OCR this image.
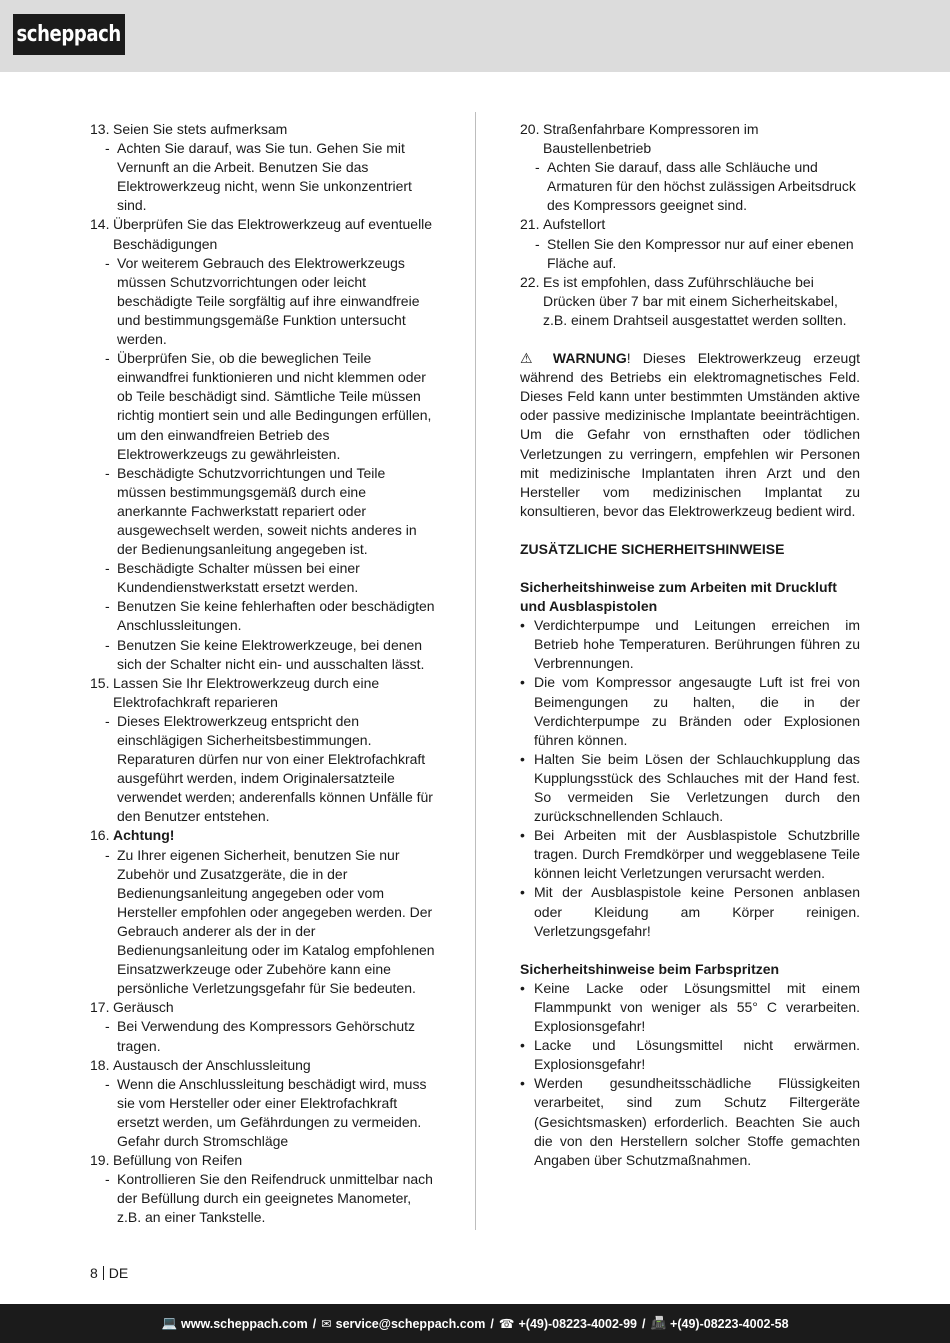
scheppach
13. Seien Sie stets aufmerksam
- Achten Sie darauf, was Sie tun. Gehen Sie mit Vernunft an die Arbeit. Benutzen Sie das Elektrowerkzeug nicht, wenn Sie unkonzentriert sind.
14. Überprüfen Sie das Elektrowerkzeug auf eventuelle Beschädigungen
- Vor weiterem Gebrauch des Elektrowerkzeugs müssen Schutzvorrichtungen oder leicht beschädigte Teile sorgfältig auf ihre einwandfreie und bestimmungsgemäße Funktion untersucht werden.
- Überprüfen Sie, ob die beweglichen Teile einwandfrei funktionieren und nicht klemmen oder ob Teile beschädigt sind. Sämtliche Teile müssen richtig montiert sein und alle Bedingungen erfüllen, um den einwandfreien Betrieb des Elektrowerkzeugs zu gewährleisten.
- Beschädigte Schutzvorrichtungen und Teile müssen bestimmungsgemäß durch eine anerkannte Fachwerkstatt repariert oder ausgewechselt werden, soweit nichts anderes in der Bedienungsanleitung angegeben ist.
- Beschädigte Schalter müssen bei einer Kundendienstwerkstatt ersetzt werden.
- Benutzen Sie keine fehlerhaften oder beschädigten Anschlussleitungen.
- Benutzen Sie keine Elektrowerkzeuge, bei denen sich der Schalter nicht ein- und ausschalten lässt.
15. Lassen Sie Ihr Elektrowerkzeug durch eine Elektrofachkraft reparieren
- Dieses Elektrowerkzeug entspricht den einschlägigen Sicherheitsbestimmungen. Reparaturen dürfen nur von einer Elektrofachkraft ausgeführt werden, indem Originalersatzteile verwendet werden; anderenfalls können Unfälle für den Benutzer entstehen.
16. Achtung!
- Zu Ihrer eigenen Sicherheit, benutzen Sie nur Zubehör und Zusatzgeräte, die in der Bedienungsanleitung angegeben oder vom Hersteller empfohlen oder angegeben werden. Der Gebrauch anderer als der in der Bedienungsanleitung oder im Katalog empfohlenen Einsatzwerkzeuge oder Zubehöre kann eine persönliche Verletzungsgefahr für Sie bedeuten.
17. Geräusch
- Bei Verwendung des Kompressors Gehörschutz tragen.
18. Austausch der Anschlussleitung
- Wenn die Anschlussleitung beschädigt wird, muss sie vom Hersteller oder einer Elektrofachkraft ersetzt werden, um Gefährdungen zu vermeiden. Gefahr durch Stromschläge
19. Befüllung von Reifen
- Kontrollieren Sie den Reifendruck unmittelbar nach der Befüllung durch ein geeignetes Manometer, z.B. an einer Tankstelle.
20. Straßenfahrbare Kompressoren im Baustellenbetrieb
- Achten Sie darauf, dass alle Schläuche und Armaturen für den höchst zulässigen Arbeitsdruck des Kompressors geeignet sind.
21. Aufstellort
- Stellen Sie den Kompressor nur auf einer ebenen Fläche auf.
22. Es ist empfohlen, dass Zuführschläuche bei Drücken über 7 bar mit einem Sicherheitskabel, z.B. einem Drahtseil ausgestattet werden sollten.

⚠ WARNUNG! Dieses Elektrowerkzeug erzeugt während des Betriebs ein elektromagnetisches Feld. Dieses Feld kann unter bestimmten Umständen aktive oder passive medizinische Implantate beeinträchtigen. Um die Gefahr von ernsthaften oder tödlichen Verletzungen zu verringern, empfehlen wir Personen mit medizinische Implantaten ihren Arzt und den Hersteller vom medizinischen Implantat zu konsultieren, bevor das Elektrowerkzeug bedient wird.

ZUSÄTZLICHE SICHERHEITSHINWEISE

Sicherheitshinweise zum Arbeiten mit Druckluft und Ausblaspistolen

• Verdichterpumpe und Leitungen erreichen im Betrieb hohe Temperaturen. Berührungen führen zu Verbrennungen.
• Die vom Kompressor angesaugte Luft ist frei von Beimengungen zu halten, die in der Verdichterpumpe zu Bränden oder Explosionen führen können.
• Halten Sie beim Lösen der Schlauchkupplung das Kupplungsstück des Schlauches mit der Hand fest. So vermeiden Sie Verletzungen durch den zurückschnellenden Schlauch.
• Bei Arbeiten mit der Ausblaspistole Schutzbrille tragen. Durch Fremdkörper und weggeblasene Teile können leicht Verletzungen verursacht werden.
• Mit der Ausblaspistole keine Personen anblasen oder Kleidung am Körper reinigen. Verletzungsgefahr!

Sicherheitshinweise beim Farbspritzen

• Keine Lacke oder Lösungsmittel mit einem Flammpunkt von weniger als 55° C verarbeiten. Explosionsgefahr!
• Lacke und Lösungsmittel nicht erwärmen. Explosionsgefahr!
• Werden gesundheitsschädliche Flüssigkeiten verarbeitet, sind zum Schutz Filtergeräte (Gesichtsmasken) erforderlich. Beachten Sie auch die von den Herstellern solcher Stoffe gemachten Angaben über Schutzmaßnahmen.
8 DE
💻 www.scheppach.com / ✉ service@scheppach.com / ☎ +(49)-08223-4002-99 / 📠 +(49)-08223-4002-58
